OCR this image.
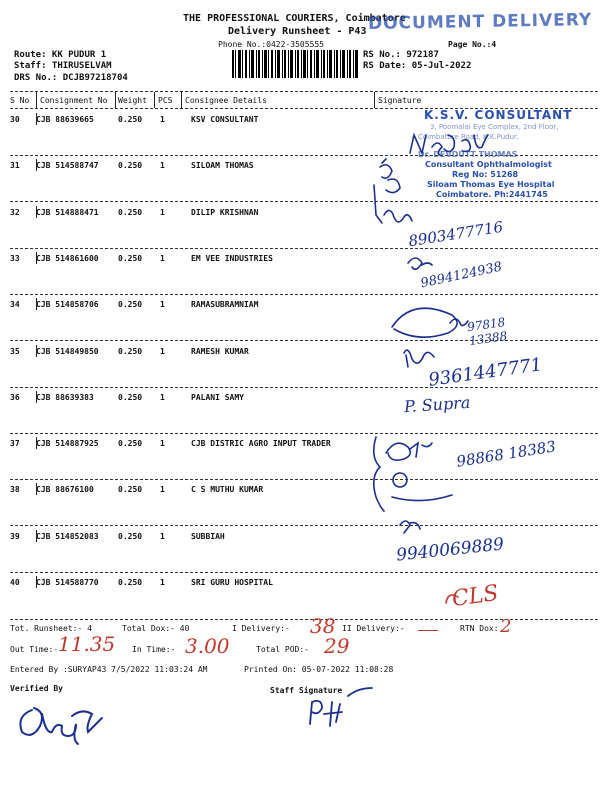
THE PROFESSIONAL COURIERS, Coimbatore
Delivery Runsheet - P43
Phone No.:0422-3505555	Page No.:4
DOCUMENT DELIVERY
Route: KK PUDUR 1
Staff: THIRUSELVAM
DRS No.: DCJB97218704
RS No.: 972187
RS Date: 05-Jul-2022
S No Consignment No Weight PCS Consignee Details	Signature
30 CJB 88639665	0.250 1	KSV CONSULTANT
31 CJB 514588747 0.250 1	SILOAM THOMAS
32 CJB 514888471 0.250 1	DILIP KRISHNAN
33 CJB 514861600 0.250 1	EM VEE INDUSTRIES
34 CJB 514858706 0.250 1	RAMASUBRAMNIAM
35 CJB 514849850 0.250 1	RAMESH KUMAR
36 CJB 88639383	0.250 1	PALANI SAMY
37 CJB 514887925 0.250 1	CJB DISTRIC AGRO INPUT TRADER
38 CJB 88676100	0.250 1	C S MUTHU KUMAR
39 CJB 514852083 0.250 1	SUBBIAH
40 CJB 514588770 0.250 1	SRI GURU HOSPITAL
K.S.V. CONSULTANT
3, Poomalai Eye Complex, 2nd Floor,
Coimbatore Road, K.K.Pudur,
Dr. DEVDUTT THOMAS
Consultant Ophthalmologist
Reg No: 51268
Siloam Thomas Eye Hospital
Coimbatore. Ph:2441745
8903477716
9894124938
97818 13388
9361447771
P. Supra
98868 18383
9940069889
CLS
Tot. Runsheet:- 4	Total Dox:- 40	I Delivery:- 38 II Delivery:-	RTN Dox: 2
Out Time:- 11.35 In Time:- 3.00	Total POD:- 29
Entered By :SURYAP43 7/5/2022 11:03:24 AM	Printed On: 05-07-2022 11:08:28
Verified By	Staff Signature
